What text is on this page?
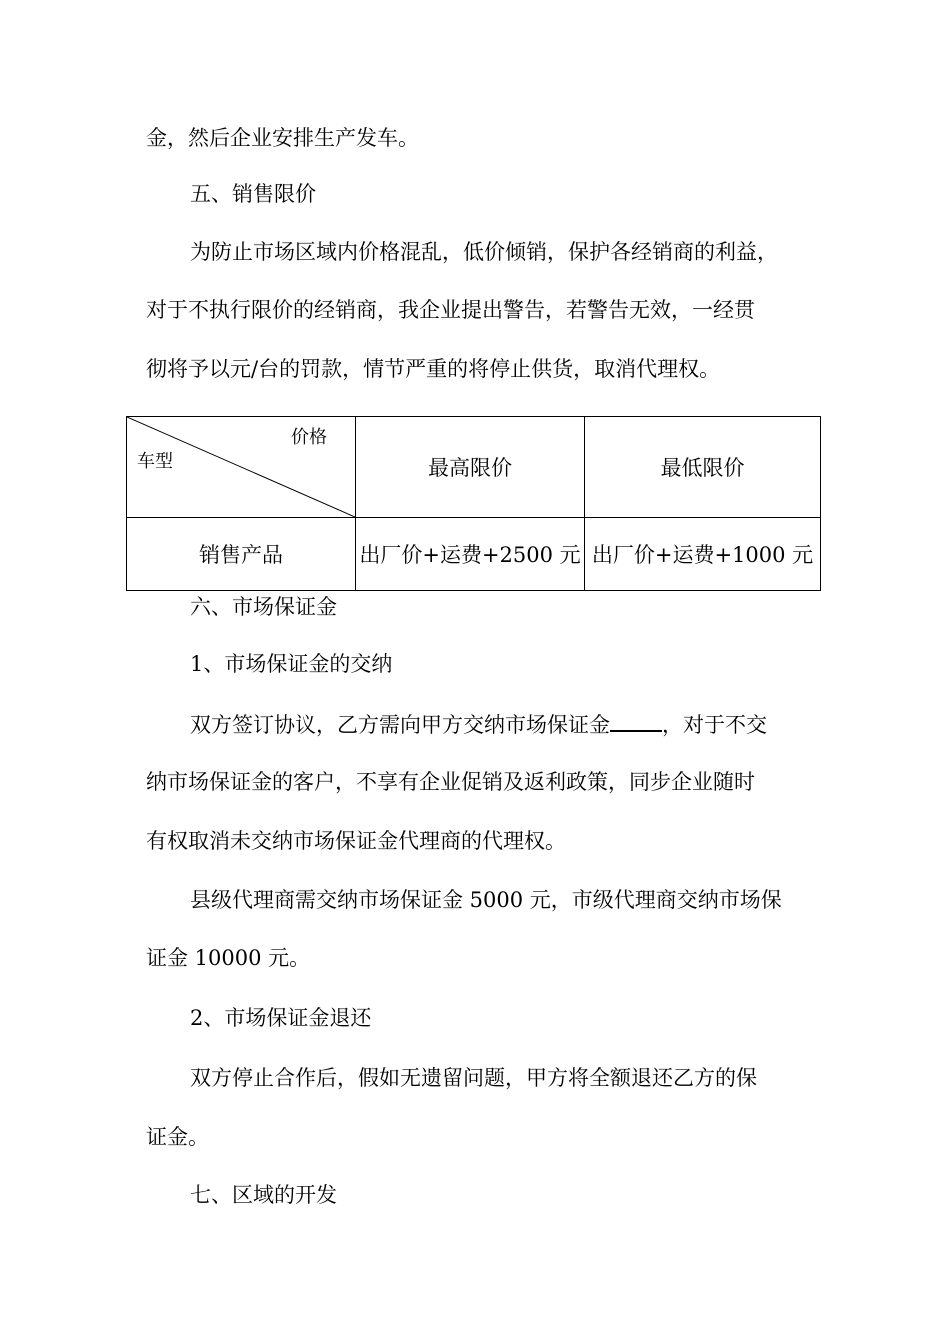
金，然后企业安排生产发车。

五、销售限价

为防止市场区域内价格混乱，低价倾销，保护各经销商的利益，

对于不执行限价的经销商，我企业提出警告，若警告无效，一经贯

彻将予以元/台的罚款，情节严重的将停止供货，取消代理权。

价格
车型	最高限价	最低限价
销售产品	出厂价+运费+2500 元	出厂价+运费+1000 元

六、市场保证金

1、市场保证金的交纳

双方签订协议，乙方需向甲方交纳市场保证金 ，对于不交

纳市场保证金的客户，不享有企业促销及返利政策，同步企业随时

有权取消未交纳市场保证金代理商的代理权。

县级代理商需交纳市场保证金 5000 元，市级代理商交纳市场保

证金 10000 元。

2、市场保证金退还

双方停止合作后，假如无遗留问题，甲方将全额退还乙方的保

证金。

七、区域的开发
